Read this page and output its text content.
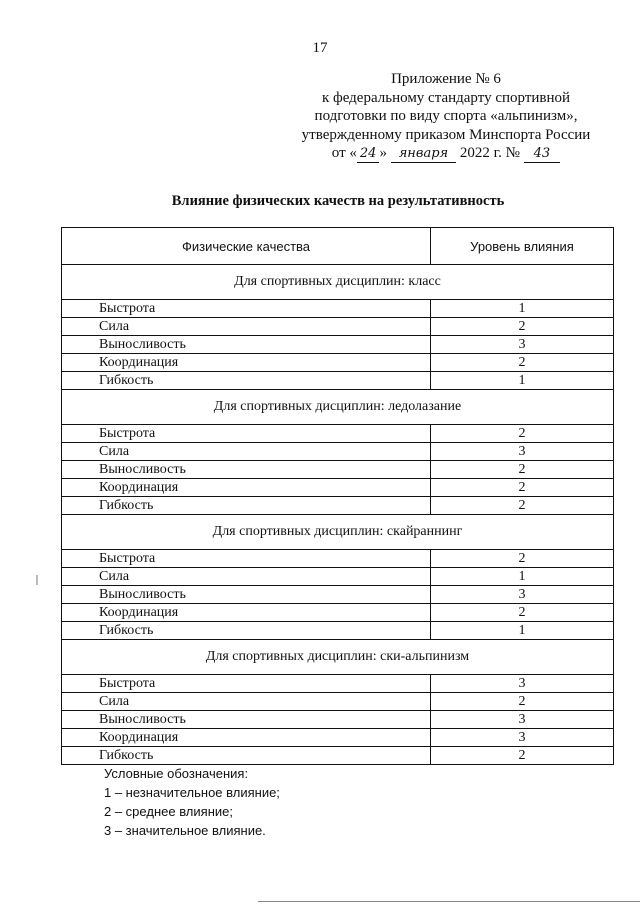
17
Приложение № 6
к федеральному стандарту спортивной
подготовки по виду спорта «альпинизм»,
утвержденному приказом Минспорта России
от « 24 » января 2022 г. № 43
Влияние физических качеств на результативность
Физические качества	Уровень влияния
Для спортивных дисциплин: класс	
Быстрота	1
Сила	2
Выносливость	3
Координация	2
Гибкость	1
Для спортивных дисциплин: ледолазание	
Быстрота	2
Сила	3
Выносливость	2
Координация	2
Гибкость	2
Для спортивных дисциплин: скайраннинг	
Быстрота	2
Сила	1
Выносливость	3
Координация	2
Гибкость	1
Для спортивных дисциплин: ски-альпинизм	
Быстрота	3
Сила	2
Выносливость	3
Координация	3
Гибкость	2
Условные обозначения:
1 – незначительное влияние;
2 – среднее влияние;
3 – значительное влияние.
